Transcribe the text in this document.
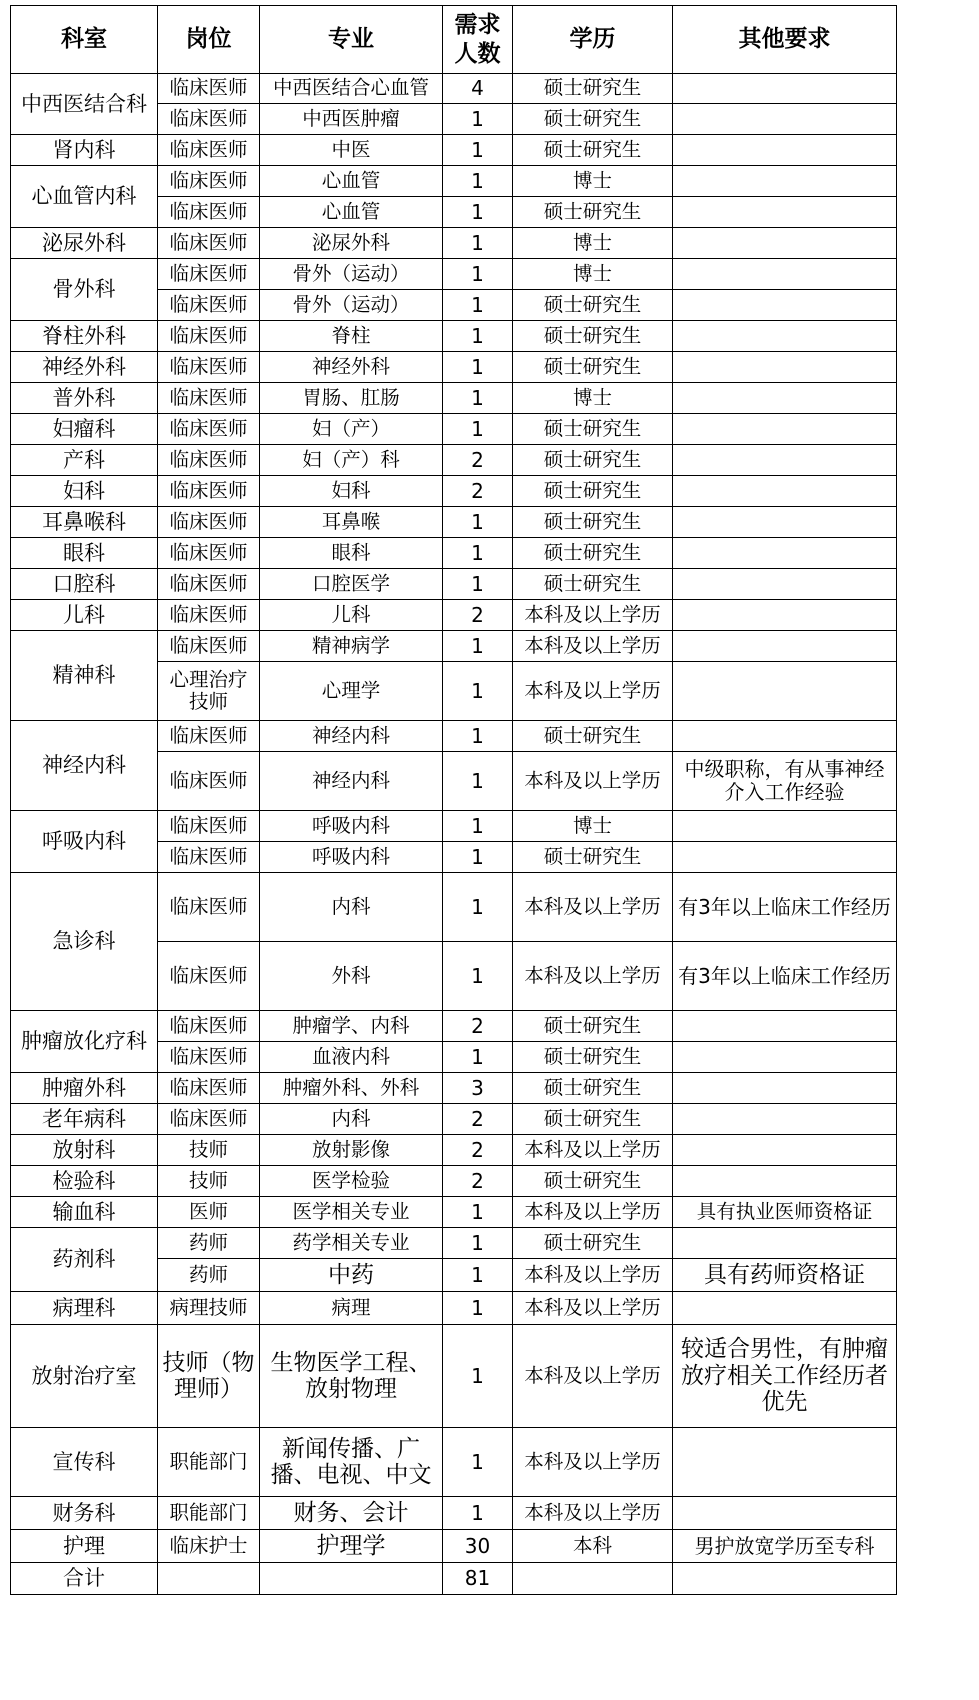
科室	岗位	专业	需求人数	学历	其他要求
中西医结合科	临床医师	中西医结合心血管	4	硕士研究生	
	临床医师	中西医肿瘤	1	硕士研究生	
肾内科	临床医师	中医	1	硕士研究生	
心血管内科	临床医师	心血管	1	博士	
	临床医师	心血管	1	硕士研究生	
泌尿外科	临床医师	泌尿外科	1	博士	
骨外科	临床医师	骨外（运动）	1	博士	
	临床医师	骨外（运动）	1	硕士研究生	
脊柱外科	临床医师	脊柱	1	硕士研究生	
神经外科	临床医师	神经外科	1	硕士研究生	
普外科	临床医师	胃肠、肛肠	1	博士	
妇瘤科	临床医师	妇（产）	1	硕士研究生	
产科	临床医师	妇（产）科	2	硕士研究生	
妇科	临床医师	妇科	2	硕士研究生	
耳鼻喉科	临床医师	耳鼻喉	1	硕士研究生	
眼科	临床医师	眼科	1	硕士研究生	
口腔科	临床医师	口腔医学	1	硕士研究生	
儿科	临床医师	儿科	2	本科及以上学历	
精神科	临床医师	精神病学	1	本科及以上学历	
	心理治疗技师	心理学	1	本科及以上学历	
神经内科	临床医师	神经内科	1	硕士研究生	
	临床医师	神经内科	1	本科及以上学历	中级职称，有从事神经介入工作经验
呼吸内科	临床医师	呼吸内科	1	博士	
	临床医师	呼吸内科	1	硕士研究生	
急诊科	临床医师	内科	1	本科及以上学历	有3年以上临床工作经历
	临床医师	外科	1	本科及以上学历	有3年以上临床工作经历
肿瘤放化疗科	临床医师	肿瘤学、内科	2	硕士研究生	
	临床医师	血液内科	1	硕士研究生	
肿瘤外科	临床医师	肿瘤外科、外科	3	硕士研究生	
老年病科	临床医师	内科	2	硕士研究生	
放射科	技师	放射影像	2	本科及以上学历	
检验科	技师	医学检验	2	硕士研究生	
输血科	医师	医学相关专业	1	本科及以上学历	具有执业医师资格证
药剂科	药师	药学相关专业	1	硕士研究生	
	药师	中药	1	本科及以上学历	具有药师资格证
病理科	病理技师	病理	1	本科及以上学历	
放射治疗室	技师（物理师）	生物医学工程、放射物理	1	本科及以上学历	较适合男性，有肿瘤放疗相关工作经历者优先
宣传科	职能部门	新闻传播、广播、电视、中文	1	本科及以上学历	
财务科	职能部门	财务、会计	1	本科及以上学历	
护理	临床护士	护理学	30	本科	男护放宽学历至专科
合计			81		
